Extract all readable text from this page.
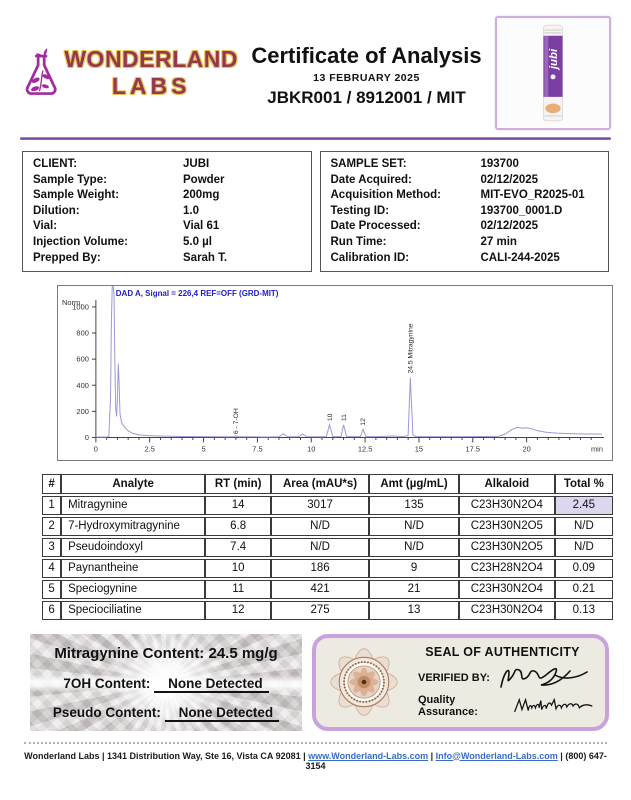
WONDERLAND
LABS
Certificate of Analysis
13 FEBRUARY 2025
JBKR001 / 8912001 / MIT
jubi
CLIENT:	JUBI
Sample Type:	Powder
Sample Weight:	200mg
Dilution:	1.0
Vial:	Vial 61
Injection Volume:	5.0 µl
Prepped By:	Sarah T.
SAMPLE SET:	193700
Date Acquired:	02/12/2025
Acquisition Method:	MIT-EVO_R2025-01
Testing ID:	193700_0001.D
Date Processed:	02/12/2025
Run Time:	27 min
Calibration ID:	CALI-244-2025
DAD A, Signal = 226,4 REF=OFF (GRD-MIT)
Norm.
0
200
400
600
800
1000
0	2.5	5	7.5	10	12.5	15	17.5	20	min
6 - 7-OH	10 11
12
24.5 Mitragynine
#	Analyte	RT (min)	Area (mAU*s)	Amt (µg/mL)	Alkaloid	Total %
1	Mitragynine	14	3017	135	C23H30N2O4	2.45
2	7-Hydroxymitragynine	6.8	N/D	N/D	C23H30N2O5	N/D
3	Pseudoindoxyl	7.4	N/D	N/D	C23H30N2O5	N/D
4	Paynantheine	10	186	9	C23H28N2O4	0.09
5	Speciogynine	11	421	21	C23H30N2O4	0.21
6	Speciociliatine	12	275	13	C23H30N2O4	0.13
Mitragynine Content: 24.5 mg/g
7OH Content: None Detected
Pseudo Content: None Detected
SEAL OF AUTHENTICITY
VERIFIED BY:
Quality Assurance:
Wonderland Labs | 1341 Distribution Way, Ste 16, Vista CA 92081 | www.Wonderland-Labs.com | Info@Wonderland-Labs.com | (800) 647-3154
